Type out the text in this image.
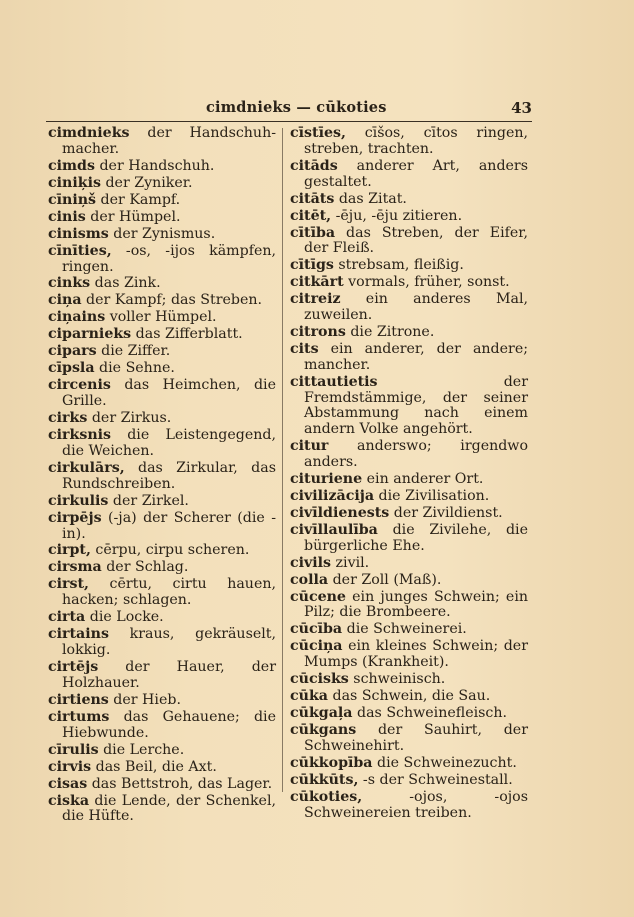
cimdnieks — cūkoties	43

cimdnieks der Handschuh-macher.

cimds der Handschuh.

ciniķis der Zyniker.

cīniņš der Kampf.

cinis der Hümpel.

cinisms der Zynismus.

cīnīties, -os, -ijos kämpfen, ringen.

cinks das Zink.

ciņa der Kampf; das Streben.

ciņains voller Hümpel.

ciparnieks das Zifferblatt.

cipars die Ziffer.

cīpsla die Sehne.

circenis das Heimchen, die Grille.

cirks der Zirkus.

cirksnis die Leistengegend, die Weichen.

cirkulārs, das Zirkular, das Rundschreiben.

cirkulis der Zirkel.

cirpējs (-ja) der Scherer (die -in).

cirpt, cērpu, cirpu scheren.

cirsma der Schlag.

cirst, cērtu, cirtu hauen, hacken; schlagen.

cirta die Locke.

cirtains kraus, gekräuselt, lokkig.

cirtējs der Hauer, der Holzhauer.

cirtiens der Hieb.

cirtums das Gehauene; die Hiebwunde.

cīrulis die Lerche.

cirvis das Beil, die Axt.

cisas das Bettstroh, das Lager.

ciska die Lende, der Schenkel, die Hüfte.

cīstīes, cīšos, cītos ringen, streben, trachten.

citāds anderer Art, anders gestaltet.

citāts das Zitat.

citēt, -ēju, -ēju zitieren.

cītība das Streben, der Eifer, der Fleiß.

cītīgs strebsam, fleißig.

citkārt vormals, früher, sonst.

citreiz ein anderes Mal, zuweilen.

citrons die Zitrone.

cits ein anderer, der andere; mancher.

cittautietis der Fremdstämmige, der seiner Abstammung nach einem andern Volke angehört.

citur anderswo; irgendwo anders.

cituriene ein anderer Ort.

civilizācija die Zivilisation.

civīldienests der Zivildienst.

civīllaulība die Zivilehe, die bürgerliche Ehe.

civils zivil.

colla der Zoll (Maß).

cūcene ein junges Schwein; ein Pilz; die Brombeere.

cūcība die Schweinerei.

cūciņa ein kleines Schwein; der Mumps (Krankheit).

cūcisks schweinisch.

cūka das Schwein, die Sau.

cūkgaļa das Schweinefleisch.

cūkgans der Sauhirt, der Schweinehirt.

cūkkopība die Schweinezucht.

cūkkūts, -s der Schweinestall.

cūkoties, -ojos, -ojos Schweinereien treiben.
